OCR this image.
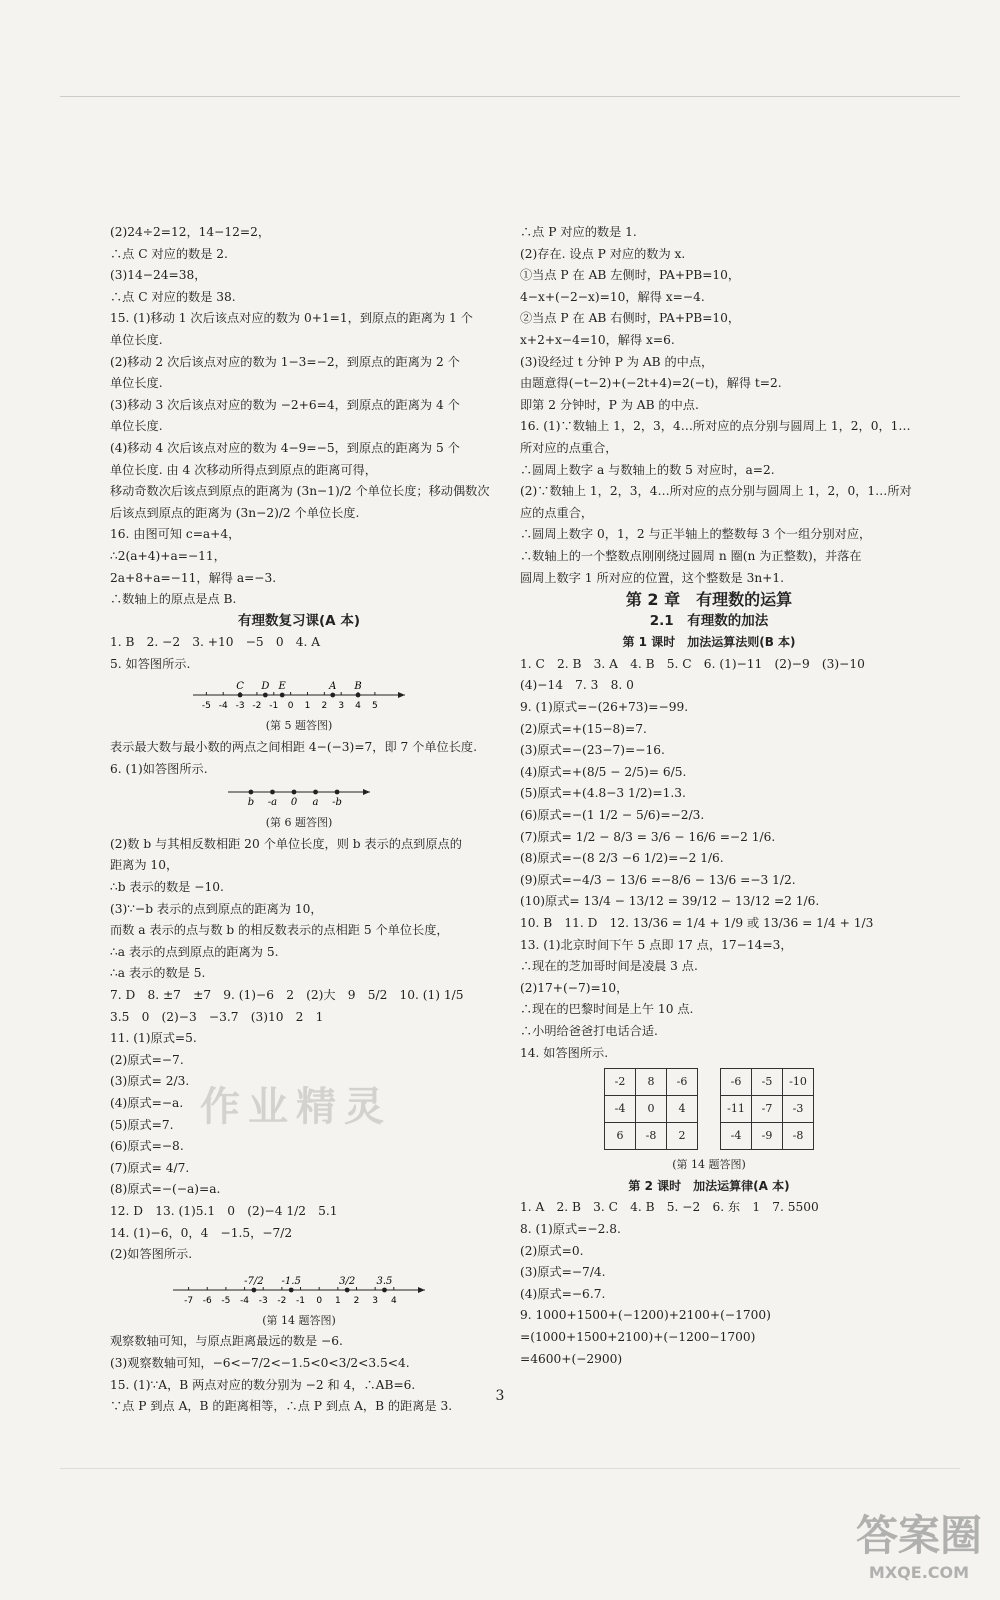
(2)24÷2=12，14−12=2，

∴点 C 对应的数是 2.

(3)14−24=38，

∴点 C 对应的数是 38.

15. (1)移动 1 次后该点对应的数为 0+1=1，到原点的距离为 1 个

单位长度.

(2)移动 2 次后该点对应的数为 1−3=−2，到原点的距离为 2 个

单位长度.

(3)移动 3 次后该点对应的数为 −2+6=4，到原点的距离为 4 个

单位长度.

(4)移动 4 次后该点对应的数为 4−9=−5，到原点的距离为 5 个

单位长度. 由 4 次移动所得点到原点的距离可得，

移动奇数次后该点到原点的距离为 (3n−1)/2 个单位长度；移动偶数次

后该点到原点的距离为 (3n−2)/2 个单位长度.

16. 由图可知 c=a+4，

∴2(a+4)+a=−11，

2a+8+a=−11，解得 a=−3.

∴数轴上的原点是点 B.

有理数复习课(A 本)

1. B　2. −2　3. +10　−5　0　4. A

5. 如答图所示.

-5 -4 -3 -2 -1 0 1 2 3 4 5
C D E	A B

(第 5 题答图)

表示最大数与最小数的两点之间相距 4−(−3)=7，即 7 个单位长度.

6. (1)如答图所示.

b -a 0 a -b

(第 6 题答图)

(2)数 b 与其相反数相距 20 个单位长度，则 b 表示的点到原点的

距离为 10，

∴b 表示的数是 −10.

(3)∵−b 表示的点到原点的距离为 10，

而数 a 表示的点与数 b 的相反数表示的点相距 5 个单位长度，

∴a 表示的点到原点的距离为 5.

∴a 表示的数是 5.

7. D　8. ±7　±7　9. (1)−6　2　(2)大　9　5/2　10. (1) 1/5

3.5　0　(2)−3　−3.7　(3)10　2　1

11. (1)原式=5.

(2)原式=−7.

(3)原式= 2/3.

(4)原式=−a.

(5)原式=7.

(6)原式=−8.

(7)原式= 4/7.

(8)原式=−(−a)=a.

12. D　13. (1)5.1　0　(2)−4 1/2　5.1

14. (1)−6，0，4　−1.5，−7/2

(2)如答图所示.

-7 -6 -5 -4 -3 -2 -1 0 1 2 3 4
-7/2 -1.5	3/2 3.5

(第 14 题答图)

观察数轴可知，与原点距离最远的数是 −6.

(3)观察数轴可知，−6<−7/2<−1.5<0<3/2<3.5<4.

15. (1)∵A，B 两点对应的数分别为 −2 和 4，∴AB=6.

∵点 P 到点 A，B 的距离相等，∴点 P 到点 A，B 的距离是 3.

∴点 P 对应的数是 1.

(2)存在. 设点 P 对应的数为 x.

①当点 P 在 AB 左侧时，PA+PB=10，

4−x+(−2−x)=10，解得 x=−4.

②当点 P 在 AB 右侧时，PA+PB=10，

x+2+x−4=10，解得 x=6.

(3)设经过 t 分钟 P 为 AB 的中点，

由题意得(−t−2)+(−2t+4)=2(−t)，解得 t=2.

即第 2 分钟时，P 为 AB 的中点.

16. (1)∵数轴上 1，2，3，4…所对应的点分别与圆周上 1，2，0，1…

所对应的点重合，

∴圆周上数字 a 与数轴上的数 5 对应时，a=2.

(2)∵数轴上 1，2，3，4…所对应的点分别与圆周上 1，2，0，1…所对

应的点重合，

∴圆周上数字 0，1，2 与正半轴上的整数每 3 个一组分别对应，

∴数轴上的一个整数点刚刚绕过圆周 n 圈(n 为正整数)，并落在

圆周上数字 1 所对应的位置，这个整数是 3n+1.

第 2 章　有理数的运算

2.1　有理数的加法

第 1 课时　加法运算法则(B 本)

1. C　2. B　3. A　4. B　5. C　6. (1)−11　(2)−9　(3)−10

(4)−14　7. 3　8. 0

9. (1)原式=−(26+73)=−99.

(2)原式=+(15−8)=7.

(3)原式=−(23−7)=−16.

(4)原式=+(8/5 − 2/5)= 6/5.

(5)原式=+(4.8−3 1/2)=1.3.

(6)原式=−(1 1/2 − 5/6)=−2/3.

(7)原式= 1/2 − 8/3 = 3/6 − 16/6 =−2 1/6.

(8)原式=−(8 2/3 −6 1/2)=−2 1/6.

(9)原式=−4/3 − 13/6 =−8/6 − 13/6 =−3 1/2.

(10)原式= 13/4 − 13/12 = 39/12 − 13/12 =2 1/6.

10. B　11. D　12. 13/36 = 1/4 + 1/9 或 13/36 = 1/4 + 1/3

13. (1)北京时间下午 5 点即 17 点，17−14=3，

∴现在的芝加哥时间是凌晨 3 点.

(2)17+(−7)=10，

∴现在的巴黎时间是上午 10 点.

∴小明给爸爸打电话合适.

14. 如答图所示.

-2	8	-6
-4	0	4
6	-8	2
-6	-5	-10
-11	-7	-3
-4	-9	-8

(第 14 题答图)

第 2 课时　加法运算律(A 本)

1. A　2. B　3. C　4. B　5. −2　6. 东　1　7. 5500

8. (1)原式=−2.8.

(2)原式=0.

(3)原式=−7/4.

(4)原式=−6.7.

9. 1000+1500+(−1200)+2100+(−1700)

=(1000+1500+2100)+(−1200−1700)

=4600+(−2900)

3
作业精灵
答案圈
MXQE.COM
